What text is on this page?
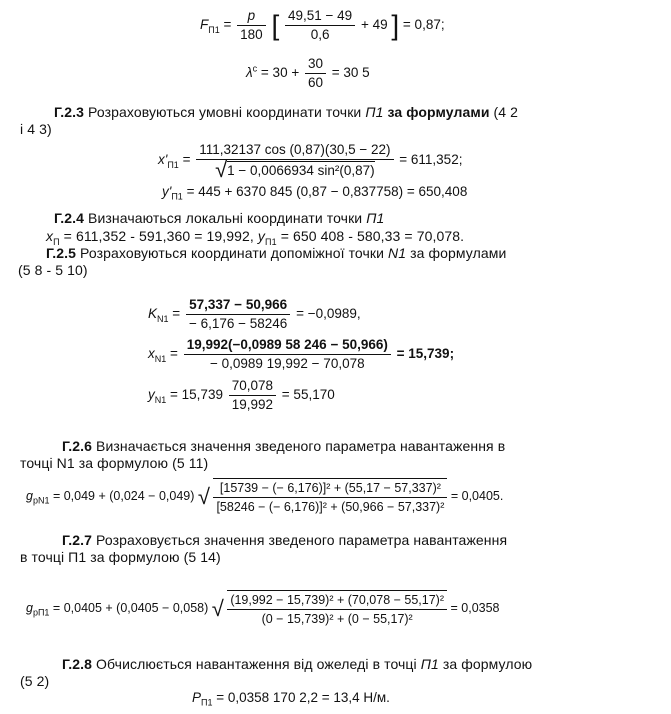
$F_{П1} = \frac{p}{180}$ [ $\frac{49,51 - 49}{0,6} + 49$ ] = 0,87;
$\lambda^c = 30 + \frac{30}{60} = 30$ 5
Г.2.3 Розраховуються умовні координати точки П1 за формулами (4 2
і 4 3)
$x'_{П1} = \frac{111,32137 \cos (0,87)(30,5 - 22)}{\text{√1 − 0,0066934 sin²(0,87)}} = 611,352$;
$y'_{П1} = 445 + 6370$ 845 (0,87 − 0,837758) = 650,408
Г.2.4 Визначаються локальні координати точки П1
$x_П = 611,352 - 591,360 = 19,992$, $y_{П1} = 650$ 408 - 580,33 = 70,078.
Г.2.5 Розраховуються координати допоміжної точки N1 за формулами
(5 8 - 5 10)
$K_{N1} = \frac{57,337 - 50,966}{- 6,176 - 58246} = -0,0989$,
$x_{N1} = \frac{19,992(-0,0989 58 246 - 50,966)}{- 0,0989 19,992 - 70,078} = 15,739$;
$y_{N1} = 15,739 \frac{70,078}{19,992} = 55,170$
Г.2.6 Визначається значення зведеного параметра навантаження в
точці N1 за формулою (5 11)
$g_{pN1} = 0,049 + (0,024 - 0,049)$ √ $\frac{\text{[15739 − (− 6,176)]² + (55,17 − 57,337)²}}{\text{[58246 − (− 6,176)]² + (50,966 − 57,337)²}} = 0,0405$.
Г.2.7 Розраховується значення зведеного параметра навантаження
в точці П1 за формулою (5 14)
$g_{pП1} = 0,0405 + (0,0405 - 0,058)$ √ $\frac{\text{(19,992 − 15,739)² + (70,078 − 55,17)²}}{\text{(0 − 15,739)² + (0 − 55,17)²}} = 0,0358$
Г.2.8 Обчислюється навантаження від ожеледі в точці П1 за формулою
(5 2)
$P_{П1} = 0,0358$ 170 2,2 = 13,4 Н/м.
